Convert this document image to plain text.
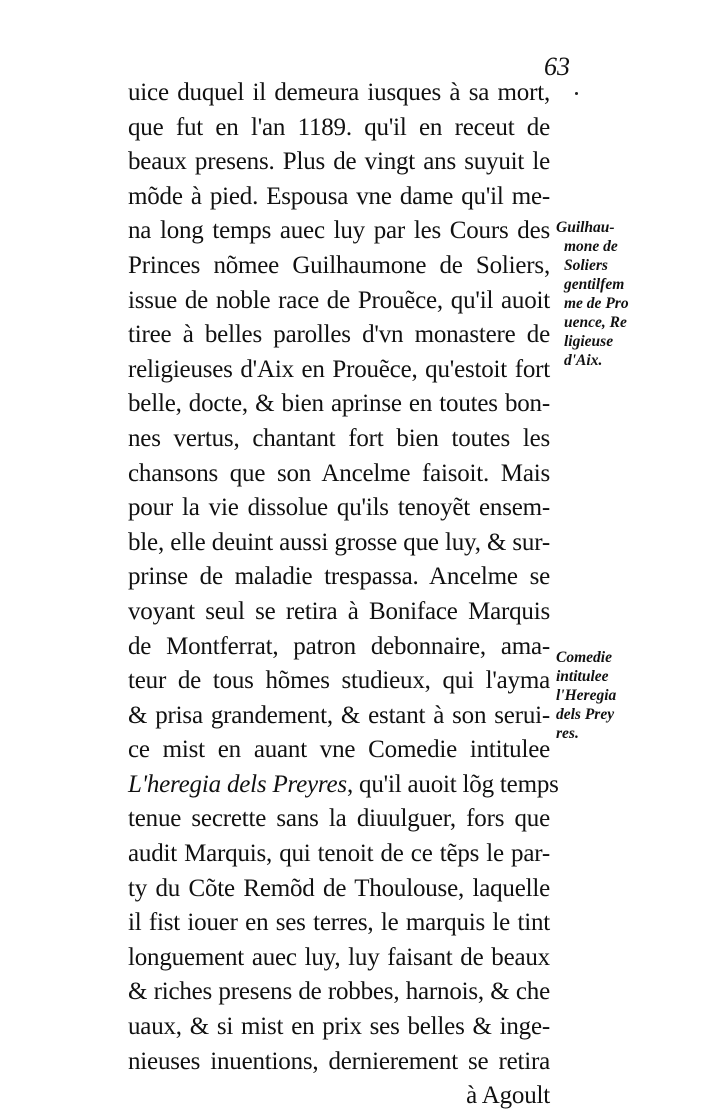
63
uice duquel il demeura iusques à sa mort,
que fut en l'an 1189. qu'il en receut de
beaux presens. Plus de vingt ans suyuit le
mõde à pied. Espousa vne dame qu'il me-
na long temps auec luy par les Cours des
Princes nõmee Guilhaumone de Soliers,
issue de noble race de Prouẽce, qu'il auoit
tiree à belles parolles d'vn monastere de
religieuses d'Aix en Prouẽce, qu'estoit fort
belle, docte, & bien aprinse en toutes bon-
nes vertus, chantant fort bien toutes les
chansons que son Ancelme faisoit. Mais
pour la vie dissolue qu'ils tenoyẽt ensem-
ble, elle deuint aussi grosse que luy, & sur-
prinse de maladie trespassa. Ancelme se
voyant seul se retira à Boniface Marquis
de Montferrat, patron debonnaire, ama-
teur de tous hõmes studieux, qui l'ayma
& prisa grandement, & estant à son serui-
ce mist en auant vne Comedie intitulee
L'heregia dels Preyres, qu'il auoit lõg temps
tenue secrette sans la diuulguer, fors que
audit Marquis, qui tenoit de ce tẽps le par-
ty du Cõte Remõd de Thoulouse, laquelle
il fist iouer en ses terres, le marquis le tint
longuement auec luy, luy faisant de beaux
& riches presens de robbes, harnois, & che
uaux, & si mist en prix ses belles & inge-
nieuses inuentions, dernierement se retira
à Agoult
Guilhau-
mone de
Soliers
gentilfem
me de Pro
uence, Re
ligieuse
d'Aix.
Comedie
intitulee
l'Heregia
dels Prey
res.
